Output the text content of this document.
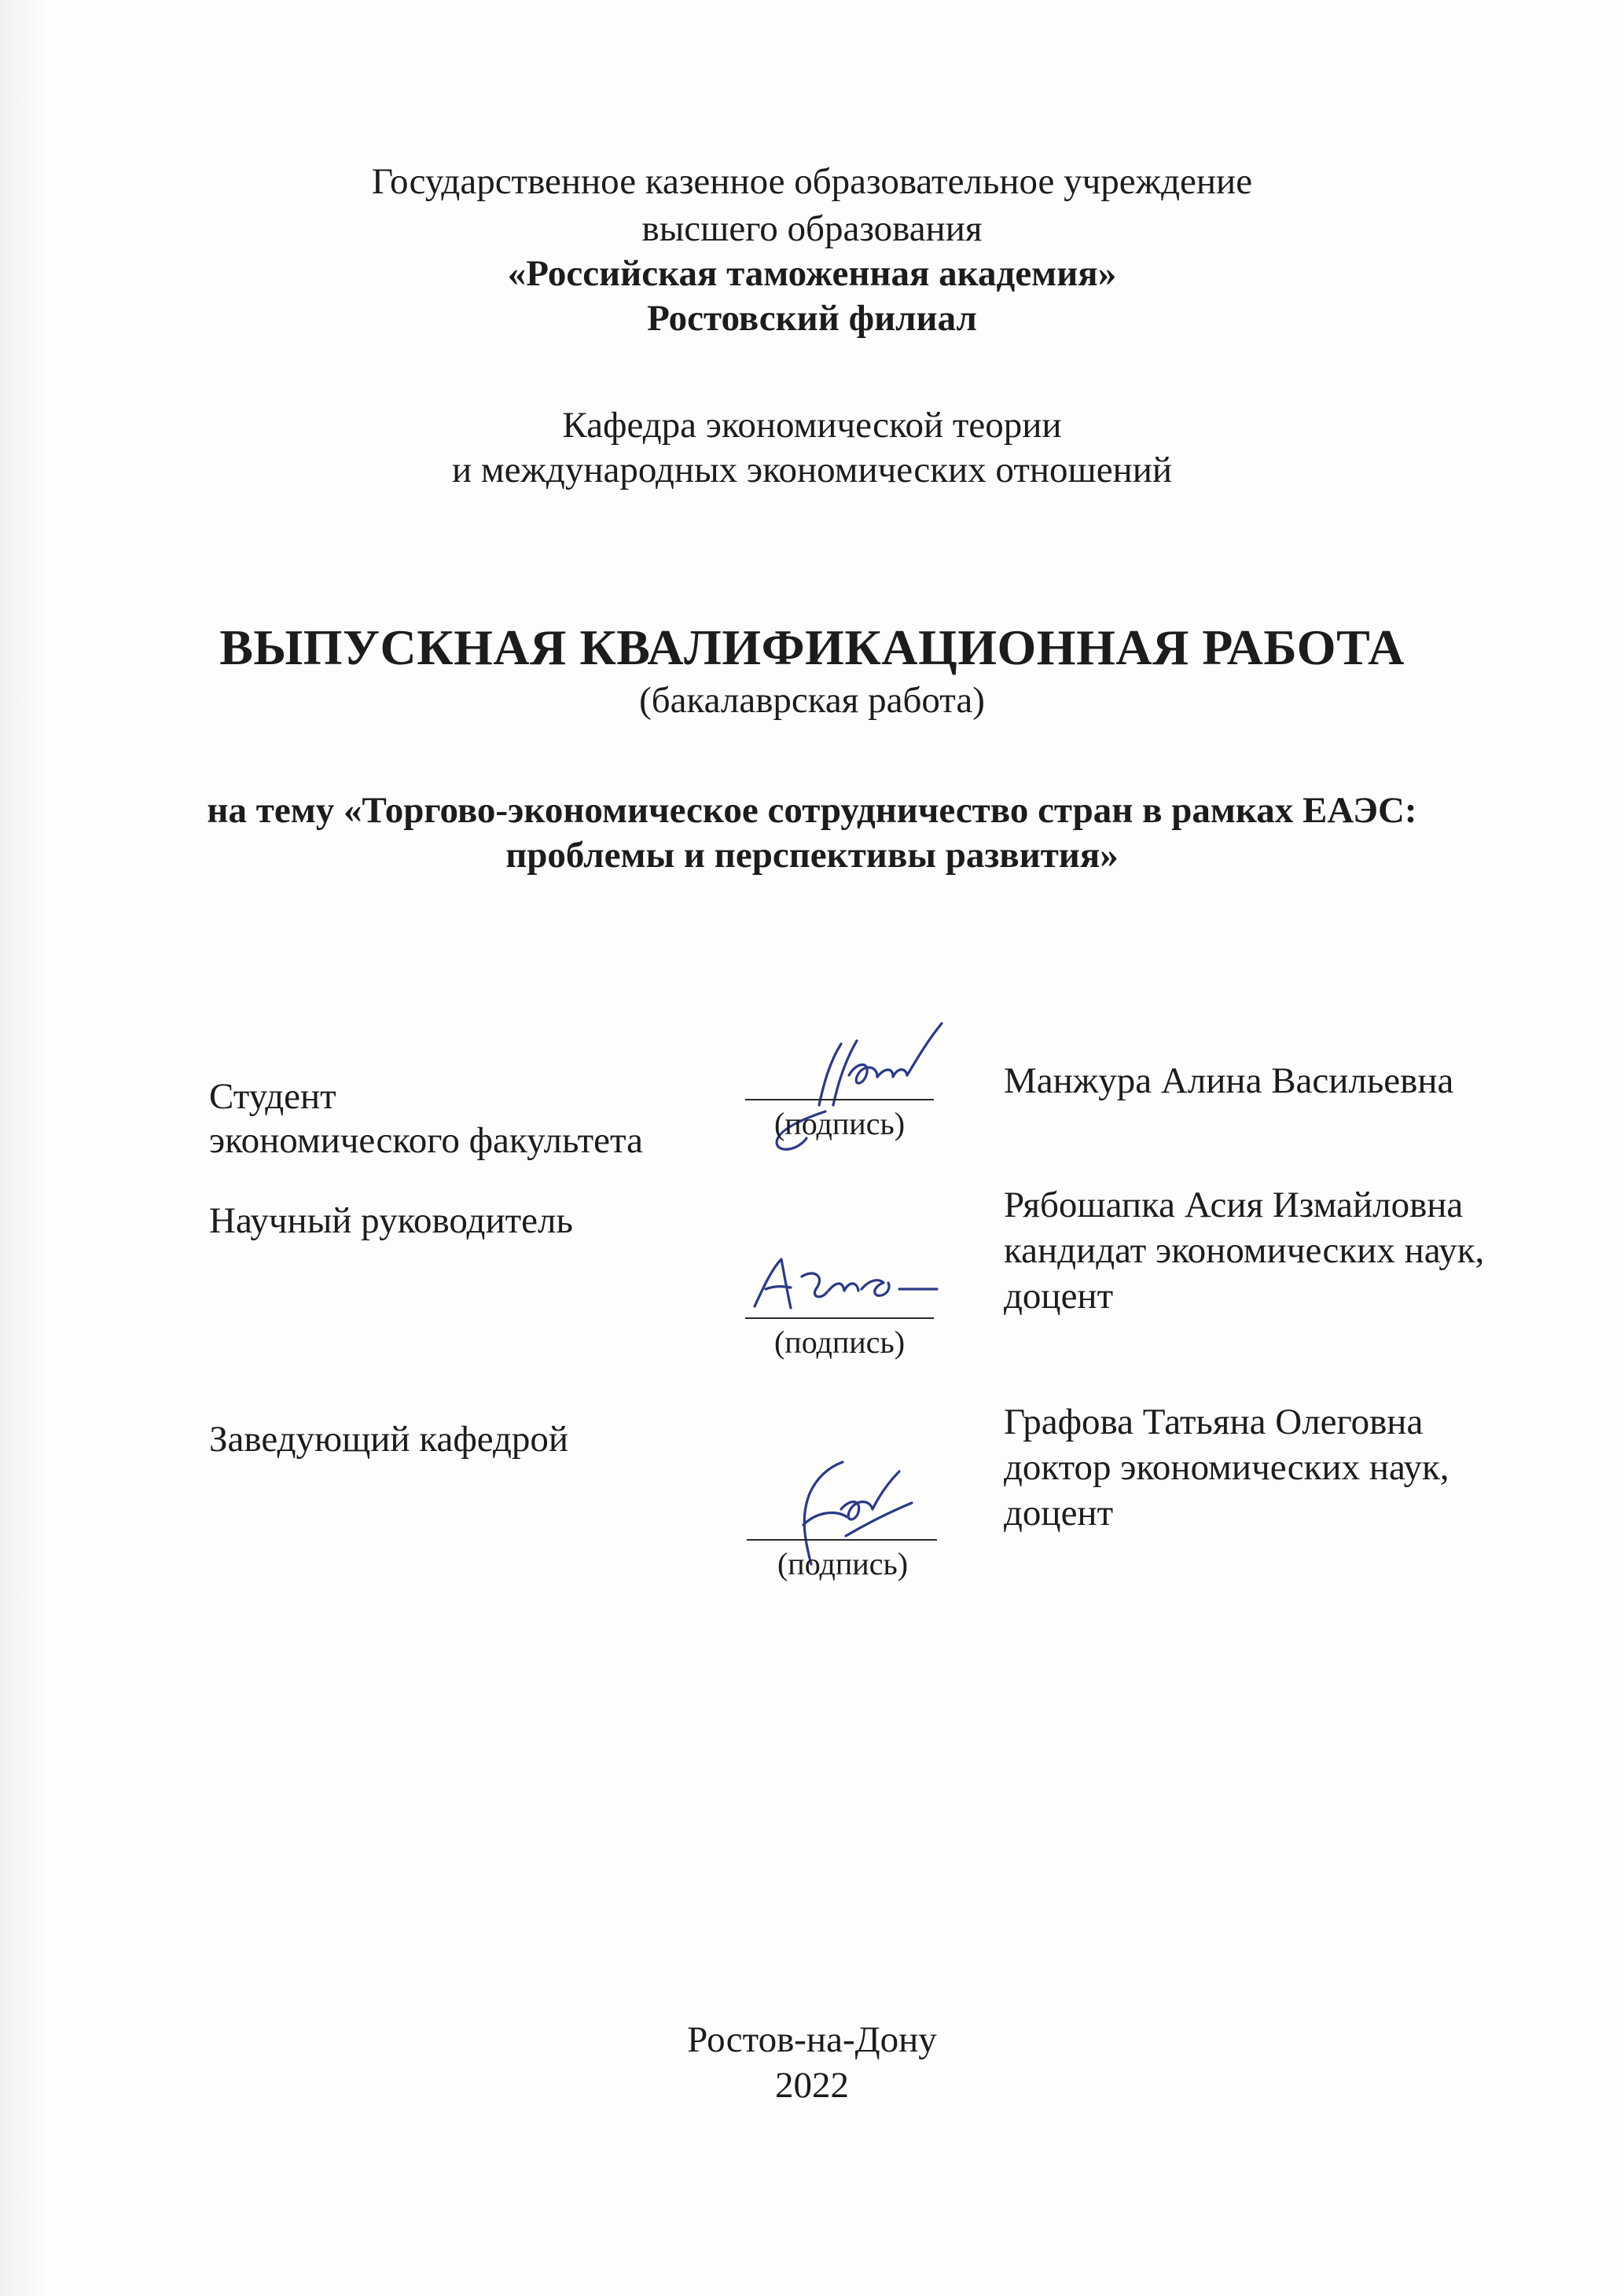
Государственное казенное образовательное учреждение
высшего образования
«Российская таможенная академия»
Ростовский филиал
Кафедра экономической теории
и международных экономических отношений
ВЫПУСКНАЯ КВАЛИФИКАЦИОННАЯ РАБОТА
(бакалаврская работа)
на тему «Торгово-экономическое сотрудничество стран в рамках ЕАЭС:
проблемы и перспективы развития»
Студент
экономического факультета
Манжура Алина Васильевна
(подпись)
Научный руководитель	Рябошапка Асия Измайловна
кандидат экономических наук,
доцент
(подпись)
Заведующий кафедрой	Графова Татьяна Олеговна
доктор экономических наук,
доцент
(подпись)
Ростов-на-Дону
2022
